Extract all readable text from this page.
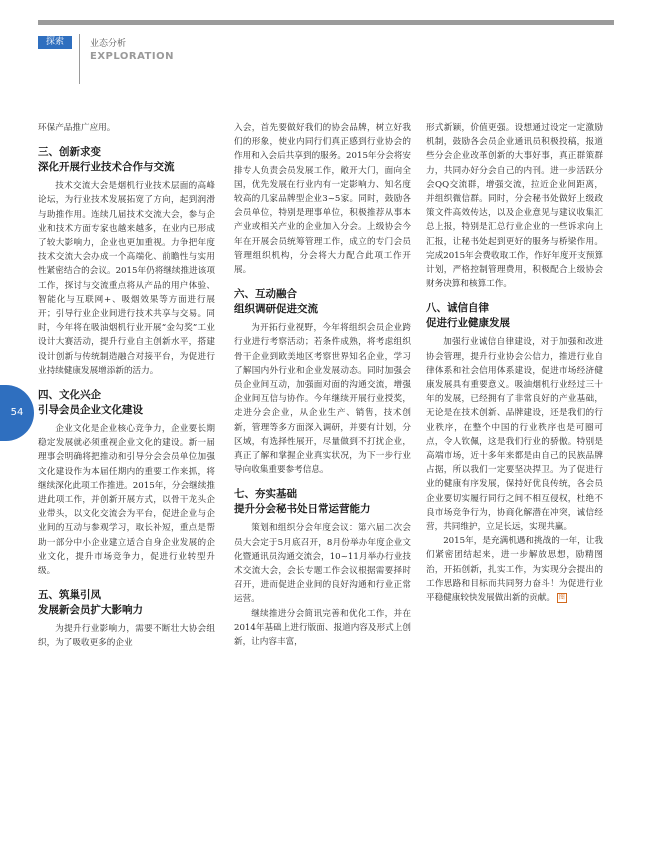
探索	业态分析
EXPLORATION
54

环保产品推广应用。

三、创新求变
深化开展行业技术合作与交流

技术交流大会是烟机行业技术层面的高峰论坛，为行业技术发展拓宽了方向，起到润滑与助推作用。连续几届技术交流大会，参与企业和技术方面专家也越来越多，在业内已形成了较大影响力，企业也更加重视。力争把年度技术交流大会办成一个高端化、前瞻性与实用性紧密结合的会议。2015年仍将继续推进该项工作，探讨与交流重点将从产品的用户体验、智能化与互联网+、吸烟效果等方面进行展开；引导行业企业间进行技术共享与交易。同时，今年将在吸油烟机行业开展“金勾奖”工业设计大赛活动，提升行业自主创新水平，搭建设计创新与传统制造融合对接平台，为促进行业持续健康发展增添新的活力。

四、文化兴企
引导会员企业文化建设

企业文化是企业核心竞争力，企业要长期稳定发展就必须重视企业文化的建设。新一届理事会明确将把推动和引导分会会员单位加强文化建设作为本届任期内的重要工作来抓，将继续深化此项工作推进。2015年，分会继续推进此项工作，并创新开展方式，以骨干龙头企业带头，以文化交流会为平台，促进企业与企业间的互动与参观学习，取长补短，重点是帮助一部分中小企业建立适合自身企业发展的企业文化，提升市场竞争力，促进行业转型升级。

五、筑巢引凤
发展新会员扩大影响力

为提升行业影响力，需要不断壮大协会组织，为了吸收更多的企业

入会，首先要做好我们的协会品牌，树立好我们的形象，使业内同行们真正感到行业协会的作用和入会后共享到的服务。2015年分会将安排专人负责会员发展工作，敞开大门，面向全国，优先发展在行业内有一定影响力、知名度较高的几家品牌型企业3~5家。同时，鼓励各会员单位，特别是理事单位，积极推荐从事本产业或相关产业的企业加入分会。上级协会今年在开展会员统筹管理工作，成立的专门会员管理组织机构，分会将大力配合此项工作开展。

六、互动融合
组织调研促进交流

为开拓行业视野，今年将组织会员企业跨行业进行考察活动；若条件成熟，将考虑组织骨干企业到欧美地区考察世界知名企业，学习了解国内外行业和企业发展动态。同时加强会员企业间互动，加强面对面的沟通交流，增强企业间互信与协作。今年继续开展行业授奖，走进分会企业，从企业生产、销售，技术创新，管理等多方面深入调研，并要有计划，分区域，有选择性展开，尽量做到不打扰企业，真正了解和掌握企业真实状况，为下一步行业导向收集重要参考信息。

七、夯实基础
提升分会秘书处日常运营能力

策划和组织分会年度会议：第六届二次会员大会定于5月底召开，8月份举办年度企业文化暨通讯员沟通交流会，10~11月举办行业技术交流大会，会长专题工作会议根据需要择时召开，进而促进企业间的良好沟通和行业正常运营。

继续推进分会简讯完善和优化工作，并在2014年基础上进行版面、报道内容及形式上创新，让内容丰富，

形式新颖，价值更强。设想通过设定一定激励机制，鼓励各会员企业通讯员积极投稿，报道些分会企业改革创新的大事好事，真正群策群力，共同办好分会自己的内刊。进一步活跃分会QQ交流群，增强交流，拉近企业间距离，并组织微信群。同时，分会秘书处做好上级政策文件高效传达，以及企业意见与建议收集汇总上报，特别是汇总行业企业的一些诉求向上汇报，让秘书处起到更好的服务与桥梁作用。完成2015年会费收取工作，作好年度开支预算计划，严格控制管理费用，积极配合上级协会财务决算和核算工作。

八、诚信自律
促进行业健康发展

加强行业诚信自律建设，对于加强和改进协会管理，提升行业协会公信力，推进行业自律体系和社会信用体系建设，促进市场经济健康发展具有重要意义。吸油烟机行业经过三十年的发展，已经拥有了非常良好的产业基础，无论是在技术创新、品牌建设，还是我们的行业秩序，在整个中国的行业秩序也是可圈可点，令人钦佩，这是我们行业的骄傲。特别是高端市场，近十多年来都是由自己的民族品牌占据，所以我们一定要坚决捍卫。为了促进行业的健康有序发展，保持好优良传统，各会员企业要切实履行同行之间不相互侵权，杜绝不良市场竞争行为，协商化解潜在冲突，诚信经营，共同维护，立足长远，实现共赢。

2015年，是充满机遇和挑战的一年，让我们紧密团结起来，进一步解放思想，励精图治，开拓创新，扎实工作，为实现分会提出的工作思路和目标而共同努力奋斗！为促进行业平稳健康较快发展做出新的贡献。 图
